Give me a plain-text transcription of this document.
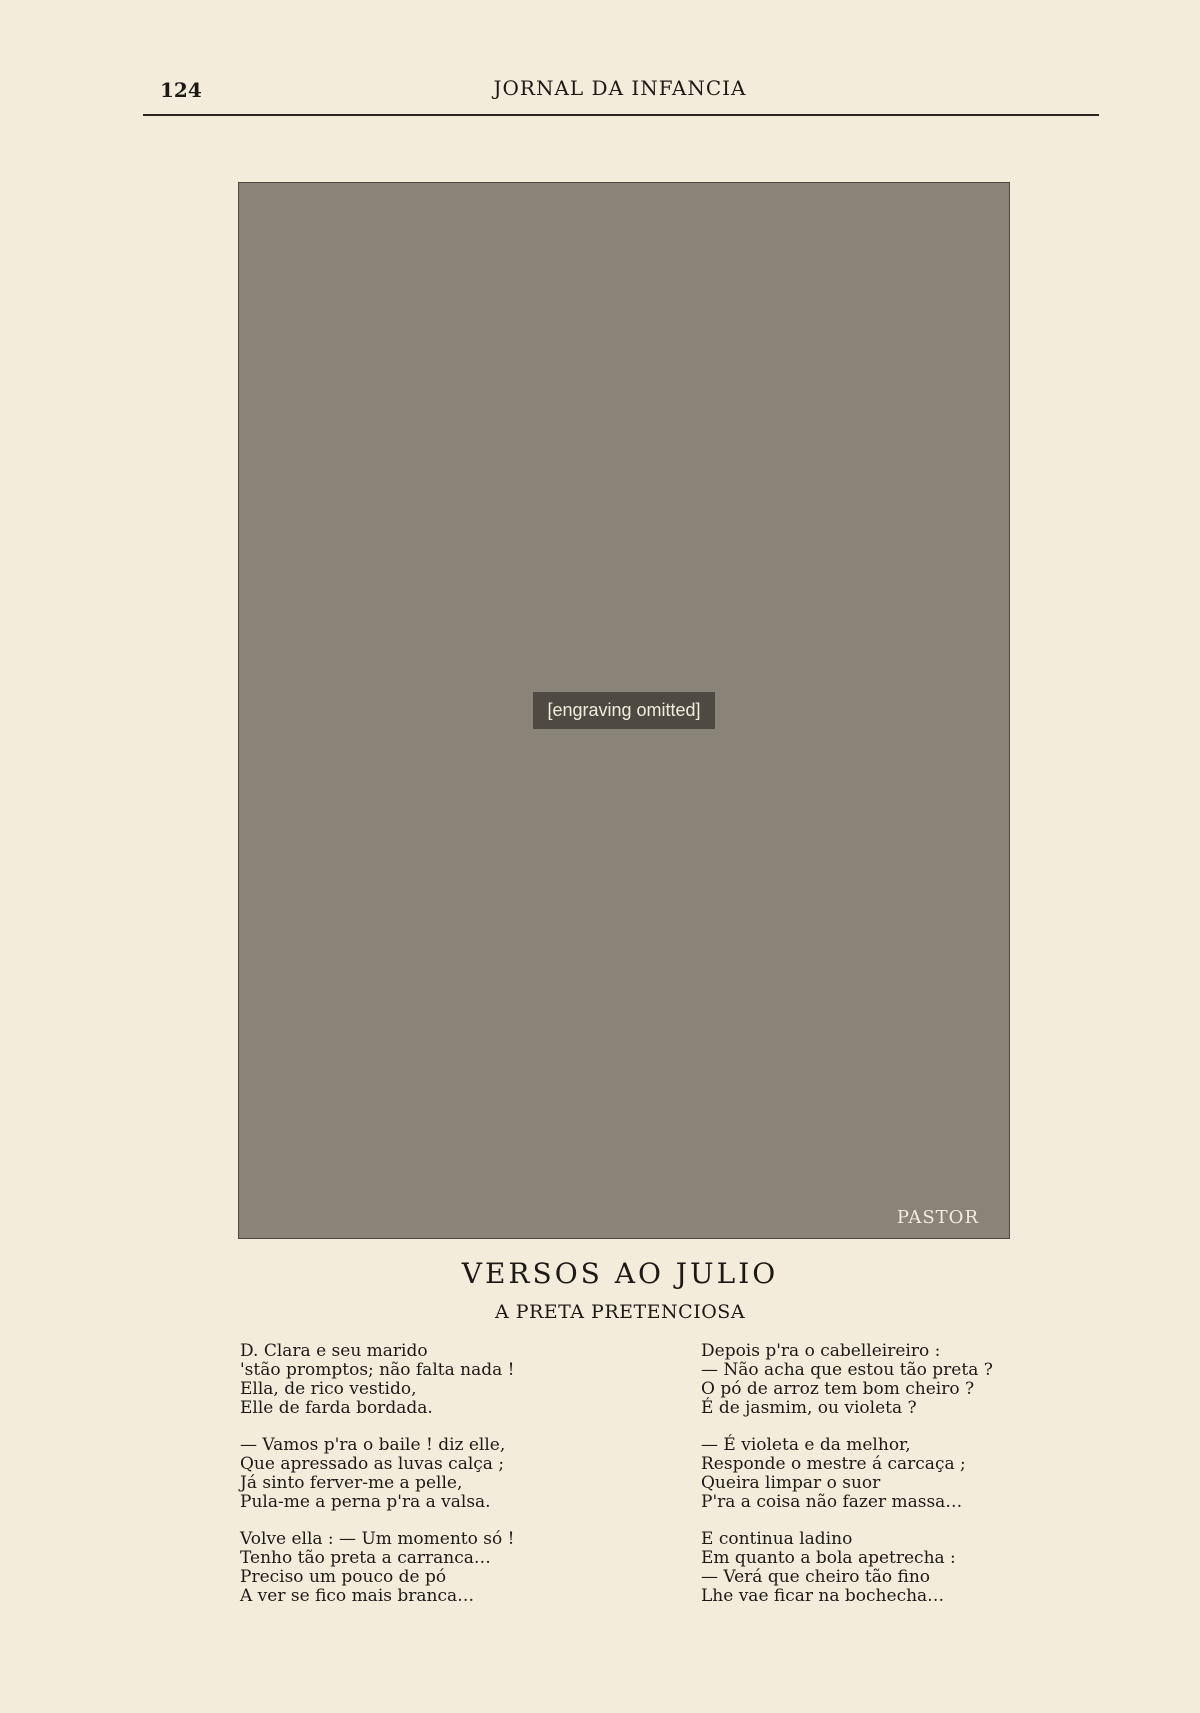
124	JORNAL DA INFANCIA
[engraving omitted]
PASTOR
VERSOS AO JULIO
A PRETA PRETENCIOSA
D. Clara e seu marido
'stão promptos; não falta nada !
Ella, de rico vestido,
Elle de farda bordada.
— Vamos p'ra o baile ! diz elle,
Que apressado as luvas calça ;
Já sinto ferver-me a pelle,
Pula-me a perna p'ra a valsa.
Volve ella : — Um momento só !
Tenho tão preta a carranca…
Preciso um pouco de pó
A ver se fico mais branca…
Depois p'ra o cabelleireiro :
— Não acha que estou tão preta ?
O pó de arroz tem bom cheiro ?
É de jasmim, ou violeta ?
— É violeta e da melhor,
Responde o mestre á carcaça ;
Queira limpar o suor
P'ra a coisa não fazer massa…
E continua ladino
Em quanto a bola apetrecha :
— Verá que cheiro tão fino
Lhe vae ficar na bochecha…
